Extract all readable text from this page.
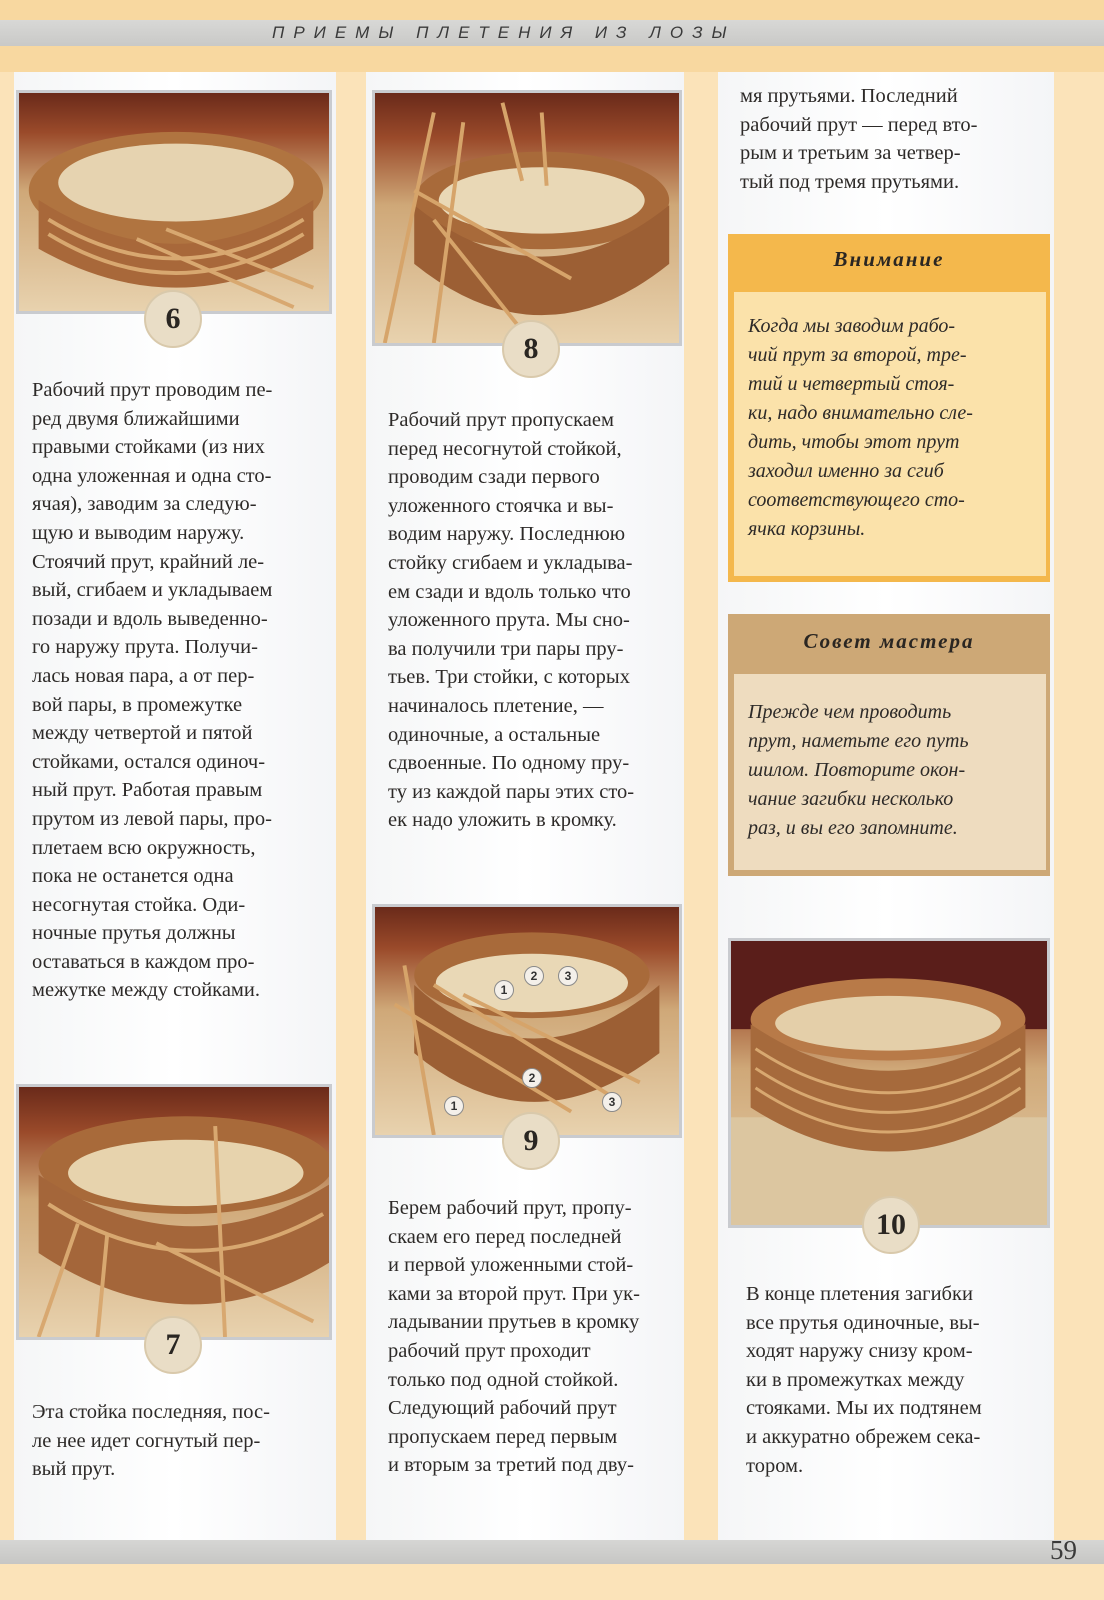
ПРИЕМЫ ПЛЕТЕНИЯ ИЗ ЛОЗЫ
6
Рабочий прут проводим пе-
ред двумя ближайшими
правыми стойками (из них
одна уложенная и одна сто-
ячая), заводим за следую-
щую и выводим наружу.
Стоячий прут, крайний ле-
вый, сгибаем и укладываем
позади и вдоль выведенно-
го наружу прута. Получи-
лась новая пара, а от пер-
вой пары, в промежутке
между четвертой и пятой
стойками, остался одиноч-
ный прут. Работая правым
прутом из левой пары, про-
плетаем всю окружность,
пока не останется одна
несогнутая стойка. Оди-
ночные прутья должны
оставаться в каждом про-
межутке между стойками.
7
Эта стойка последняя, пос-
ле нее идет согнутый пер-
вый прут.
8
Рабочий прут пропускаем
перед несогнутой стойкой,
проводим сзади первого
уложенного стоячка и вы-
водим наружу. Последнюю
стойку сгибаем и укладыва-
ем сзади и вдоль только что
уложенного прута. Мы сно-
ва получили три пары пру-
тьев. Три стойки, с которых
начиналось плетение, —
одиночные, а остальные
сдвоенные. По одному пру-
ту из каждой пары этих сто-
ек надо уложить в кромку.
1
2	3
1
2
3
9
Берем рабочий прут, пропу-
скаем его перед последней
и первой уложенными стой-
ками за второй прут. При ук-
ладывании прутьев в кромку
рабочий прут проходит
только под одной стойкой.
Следующий рабочий прут
пропускаем перед первым
и вторым за третий под дву-
мя прутьями. Последний
рабочий прут — перед вто-
рым и третьим за четвер-
тый под тремя прутьями.
Внимание
Когда мы заводим рабо-
чий прут за второй, тре-
тий и четвертый стоя-
ки, надо внимательно сле-
дить, чтобы этот прут
заходил именно за сгиб
соответствующего сто-
ячка корзины.
Совет мастера
Прежде чем проводить
прут, наметьте его путь
шилом. Повторите окон-
чание загибки несколько
раз, и вы его запомните.
10
В конце плетения загибки
все прутья одиночные, вы-
ходят наружу снизу кром-
ки в промежутках между
стояками. Мы их подтянем
и аккуратно обрежем сека-
тором.
59
